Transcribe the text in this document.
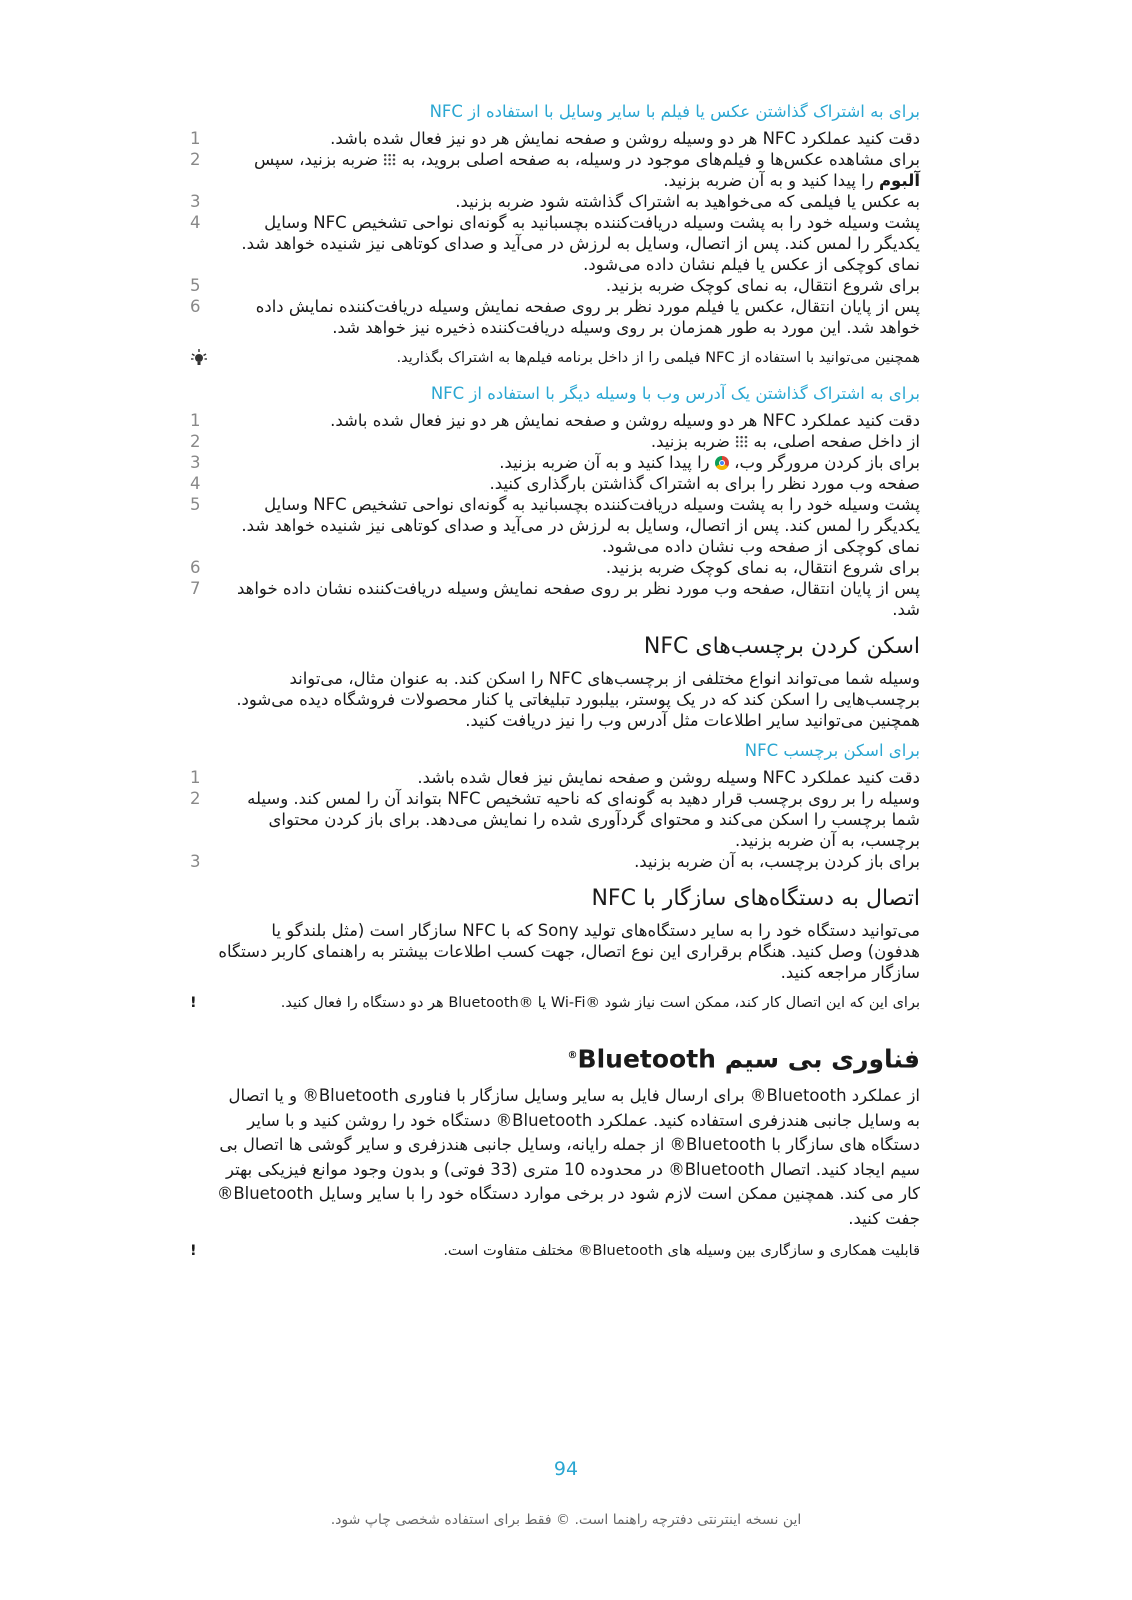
برای به اشتراک گذاشتن عکس یا فیلم با سایر وسایل با استفاده از NFC
1	دقت کنید عملکرد NFC هر دو وسیله روشن و صفحه نمایش هر دو نیز فعال شده باشد.
2	برای مشاهده عکس‌ها و فیلم‌های موجود در وسیله، به صفحه اصلی بروید، به  ضربه بزنید، سپس آلبوم را پیدا کنید و به آن ضربه بزنید.
3	به عکس یا فیلمی که می‌خواهید به اشتراک گذاشته شود ضربه بزنید.
4	پشت وسیله خود را به پشت وسیله دریافت‌کننده بچسبانید به گونه‌ای نواحی تشخیص NFC وسایل یکدیگر را لمس کند. پس از اتصال، وسایل به لرزش در می‌آید و صدای کوتاهی نیز شنیده خواهد شد. نمای کوچکی از عکس یا فیلم نشان داده می‌شود.
5	برای شروع انتقال، به نمای کوچک ضربه بزنید.
6	پس از پایان انتقال، عکس یا فیلم مورد نظر بر روی صفحه نمایش وسیله دریافت‌کننده نمایش داده خواهد شد. این مورد به طور همزمان بر روی وسیله دریافت‌کننده ذخیره نیز خواهد شد.
همچنین می‌توانید با استفاده از NFC فیلمی را از داخل برنامه فیلم‌ها به اشتراک بگذارید.
برای به اشتراک گذاشتن یک آدرس وب با وسیله دیگر با استفاده از NFC
1	دقت کنید عملکرد NFC هر دو وسیله روشن و صفحه نمایش هر دو نیز فعال شده باشد.
2	از داخل صفحه اصلی، به  ضربه بزنید.
3	برای باز کردن مرورگر وب،  را پیدا کنید و به آن ضربه بزنید.
4	صفحه وب مورد نظر را برای به اشتراک گذاشتن بارگذاری کنید.
5	پشت وسیله خود را به پشت وسیله دریافت‌کننده بچسبانید به گونه‌ای نواحی تشخیص NFC وسایل یکدیگر را لمس کند. پس از اتصال، وسایل به لرزش در می‌آید و صدای کوتاهی نیز شنیده خواهد شد. نمای کوچکی از صفحه وب نشان داده می‌شود.
6	برای شروع انتقال، به نمای کوچک ضربه بزنید.
7	پس از پایان انتقال، صفحه وب مورد نظر بر روی صفحه نمایش وسیله دریافت‌کننده نشان داده خواهد شد.
اسکن کردن برچسب‌های NFC
وسیله شما می‌تواند انواع مختلفی از برچسب‌های NFC را اسکن کند. به عنوان مثال، می‌تواند برچسب‌هایی را اسکن کند که در یک پوستر، بیلبورد تبلیغاتی یا کنار محصولات فروشگاه دیده می‌شود. همچنین می‌توانید سایر اطلاعات مثل آدرس وب را نیز دریافت کنید.
برای اسکن برچسب NFC
1	دقت کنید عملکرد NFC وسیله روشن و صفحه نمایش نیز فعال شده باشد.
2	وسیله را بر روی برچسب قرار دهید به گونه‌ای که ناحیه تشخیص NFC بتواند آن را لمس کند. وسیله شما برچسب را اسکن می‌کند و محتوای گردآوری شده را نمایش می‌دهد. برای باز کردن محتوای برچسب، به آن ضربه بزنید.
3	برای باز کردن برچسب، به آن ضربه بزنید.
اتصال به دستگاه‌های سازگار با NFC
می‌توانید دستگاه خود را به سایر دستگاه‌های تولید Sony که با NFC سازگار است (مثل بلندگو یا هدفون) وصل کنید. هنگام برقراری این نوع اتصال، جهت کسب اطلاعات بیشتر به راهنمای کاربر دستگاه سازگار مراجعه کنید.
!	برای این که این اتصال کار کند، ممکن است نیاز شود ®Wi-Fi یا ®Bluetooth هر دو دستگاه را فعال کنید.
فناوری بی سیم Bluetooth®
از عملکرد Bluetooth® برای ارسال فایل به سایر وسایل سازگار با فناوری Bluetooth® و یا اتصال به وسایل جانبی هندزفری استفاده کنید. عملکرد Bluetooth® دستگاه خود را روشن کنید و با سایر دستگاه های سازگار با Bluetooth® از جمله رایانه، وسایل جانبی هندزفری و سایر گوشی ها اتصال بی سیم ایجاد کنید. اتصال Bluetooth® در محدوده 10 متری (33 فوتی) و بدون وجود موانع فیزیکی بهتر کار می کند. همچنین ممکن است لازم شود در برخی موارد دستگاه خود را با سایر وسایل Bluetooth® جفت کنید.
!	قابلیت همکاری و سازگاری بین وسیله های Bluetooth® مختلف متفاوت است.
94
این نسخه اینترنتی دفترچه راهنما است. © فقط برای استفاده شخصی چاپ شود.
